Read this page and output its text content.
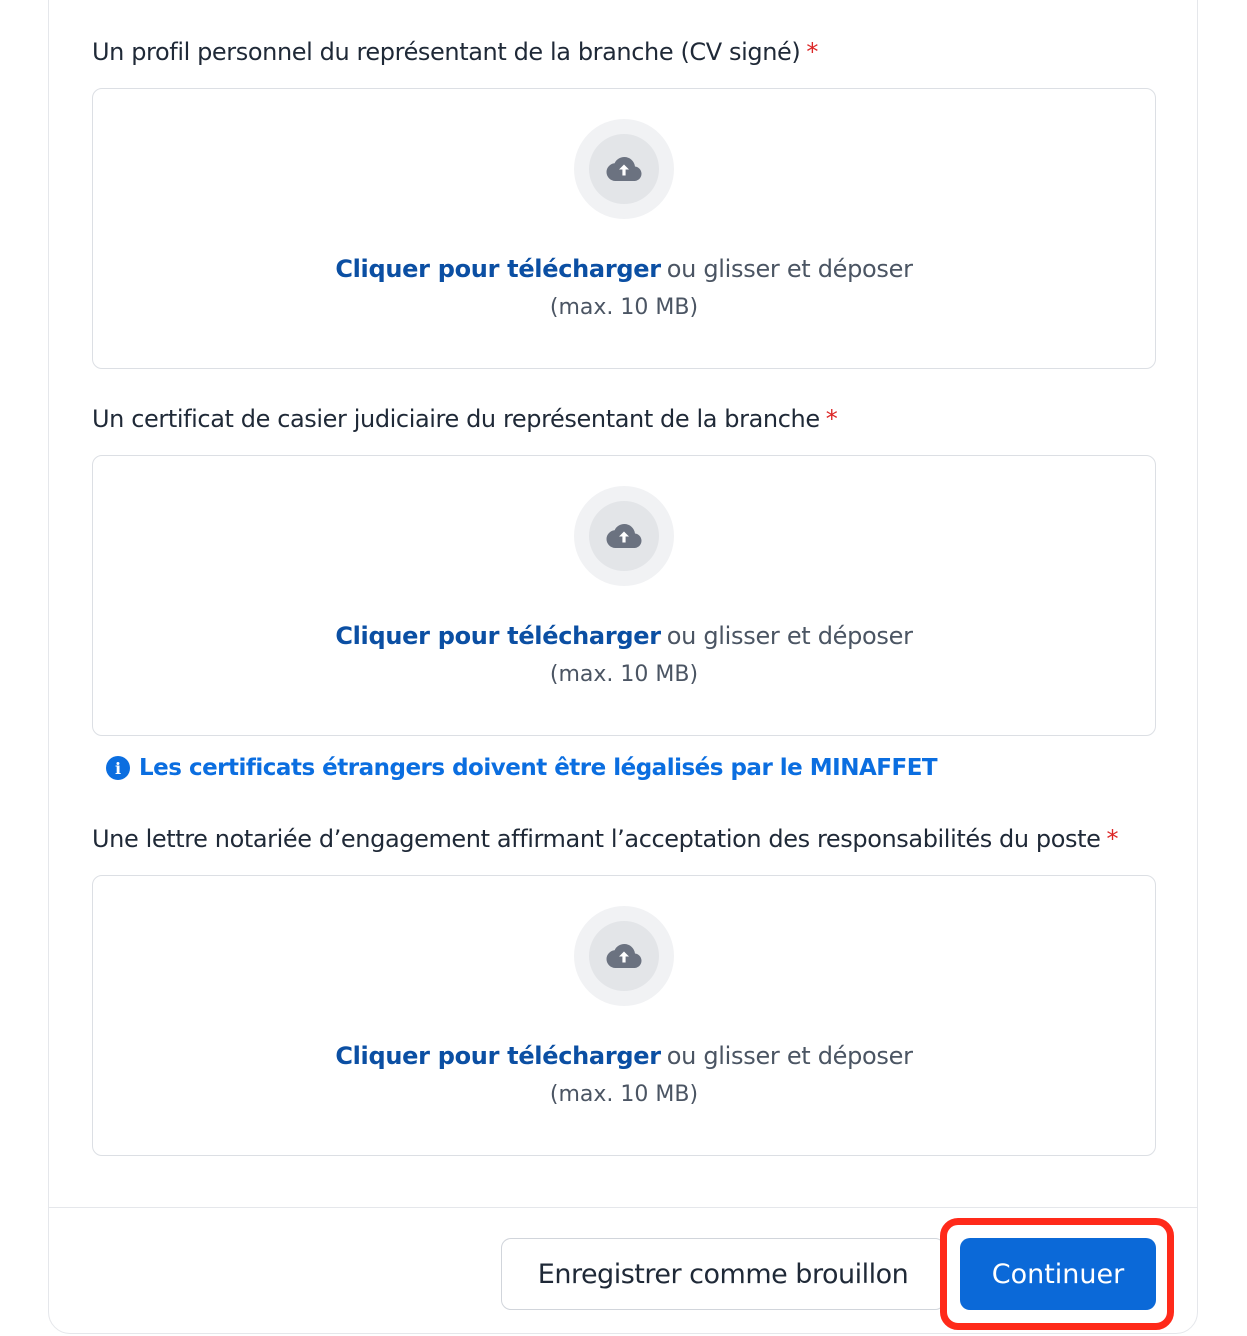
Un profil personnel du représentant de la branche (CV signé) *
Cliquer pour télécharger ou glisser et déposer
(max. 10 MB)
Un certificat de casier judiciaire du représentant de la branche *
Cliquer pour télécharger ou glisser et déposer
(max. 10 MB)
i Les certificats étrangers doivent être légalisés par le MINAFFET
Une lettre notariée d’engagement affirmant l’acceptation des responsabilités du poste *
Cliquer pour télécharger ou glisser et déposer
(max. 10 MB)
Enregistrer comme brouillon	Continuer
